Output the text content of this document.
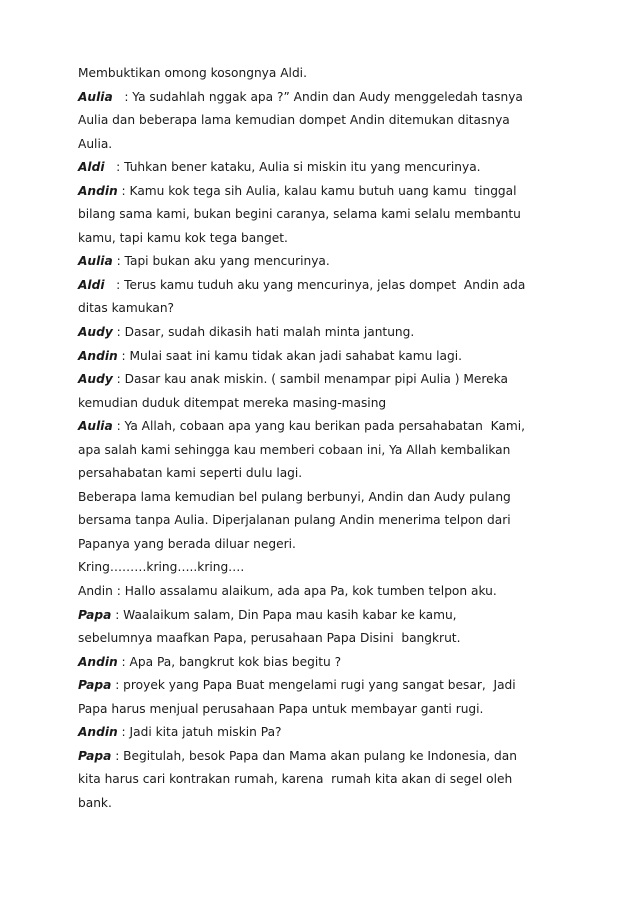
Membuktikan omong kosongnya Aldi.
Aulia   : Ya sudahlah nggak apa ?” Andin dan Audy menggeledah tasnya
Aulia dan beberapa lama kemudian dompet Andin ditemukan ditasnya
Aulia.
Aldi   : Tuhkan bener kataku, Aulia si miskin itu yang mencurinya.
Andin : Kamu kok tega sih Aulia, kalau kamu butuh uang kamu  tinggal
bilang sama kami, bukan begini caranya, selama kami selalu membantu
kamu, tapi kamu kok tega banget.
Aulia : Tapi bukan aku yang mencurinya.
Aldi   : Terus kamu tuduh aku yang mencurinya, jelas dompet  Andin ada
ditas kamukan?
Audy : Dasar, sudah dikasih hati malah minta jantung.
Andin : Mulai saat ini kamu tidak akan jadi sahabat kamu lagi.
Audy : Dasar kau anak miskin. ( sambil menampar pipi Aulia ) Mereka
kemudian duduk ditempat mereka masing-masing
Aulia : Ya Allah, cobaan apa yang kau berikan pada persahabatan  Kami,
apa salah kami sehingga kau memberi cobaan ini, Ya Allah kembalikan
persahabatan kami seperti dulu lagi.
Beberapa lama kemudian bel pulang berbunyi, Andin dan Audy pulang
bersama tanpa Aulia. Diperjalanan pulang Andin menerima telpon dari
Papanya yang berada diluar negeri.
Kring………kring…..kring….
Andin : Hallo assalamu alaikum, ada apa Pa, kok tumben telpon aku.
Papa : Waalaikum salam, Din Papa mau kasih kabar ke kamu,
sebelumnya maafkan Papa, perusahaan Papa Disini  bangkrut.
Andin : Apa Pa, bangkrut kok bias begitu ?
Papa : proyek yang Papa Buat mengelami rugi yang sangat besar,  Jadi
Papa harus menjual perusahaan Papa untuk membayar ganti rugi.
Andin : Jadi kita jatuh miskin Pa?
Papa : Begitulah, besok Papa dan Mama akan pulang ke Indonesia, dan
kita harus cari kontrakan rumah, karena  rumah kita akan di segel oleh
bank.
